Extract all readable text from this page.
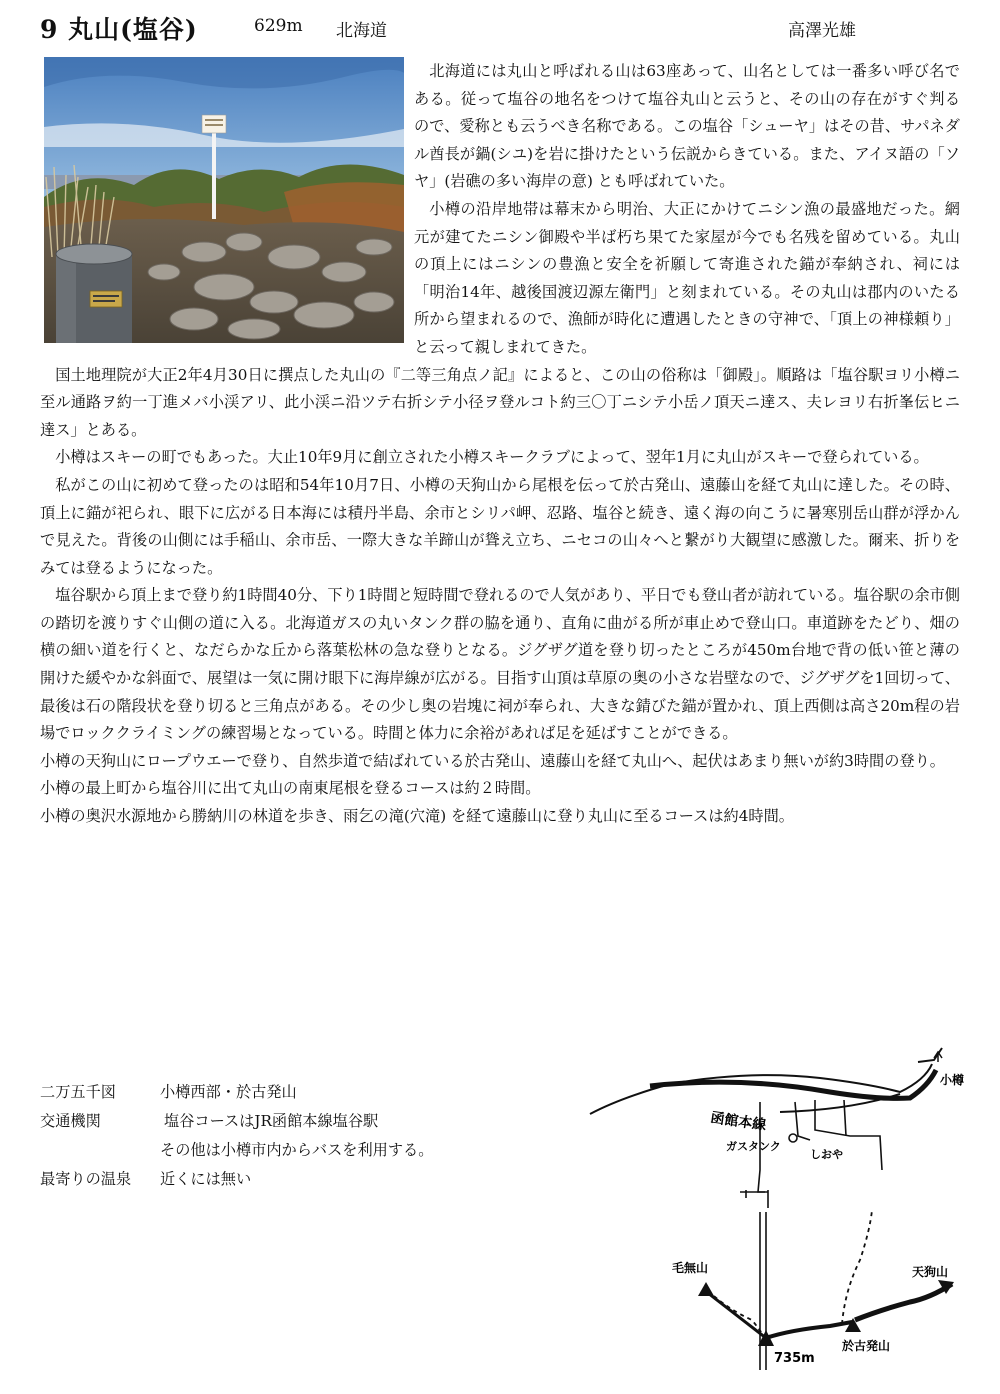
9 丸山(塩谷)	629m 北海道	高澤光雄

北海道には丸山と呼ばれる山は63座あって、山名としては一番多い呼び名である。従って塩谷の地名をつけて塩谷丸山と云うと、その山の存在がすぐ判るので、愛称とも云うべき名称である。この塩谷「シューヤ」はその昔、サパネダル酋長が鍋(シユ)を岩に掛けたという伝説からきている。また、アイヌ語の「ソヤ」(岩礁の多い海岸の意) とも呼ばれていた。

小樽の沿岸地帯は幕末から明治、大正にかけてニシン漁の最盛地だった。網元が建てたニシン御殿や半ば朽ち果てた家屋が今でも名残を留めている。丸山の頂上にはニシンの豊漁と安全を祈願して寄進された錨が奉納され、祠には「明治14年、越後国渡辺源左衛門」と刻まれている。その丸山は郡内のいたる所から望まれるので、漁師が時化に遭遇したときの守神で、「頂上の神様頼り」と云って親しまれてきた。

国土地理院が大正2年4月30日に撰点した丸山の『二等三角点ノ記』によると、この山の俗称は「御殿」。順路は「塩谷駅ヨリ小樽ニ至ル通路ヲ約一丁進メバ小渓アリ、此小渓ニ沿ツテ右折シテ小径ヲ登ルコト約三〇丁ニシテ小岳ノ頂天ニ達ス、夫レヨリ右折峯伝ヒニ達ス」とある。

小樽はスキーの町でもあった。大止10年9月に創立された小樽スキークラブによって、翌年1月に丸山がスキーで登られている。

私がこの山に初めて登ったのは昭和54年10月7日、小樽の天狗山から尾根を伝って於古発山、遠藤山を経て丸山に達した。その時、頂上に錨が祀られ、眼下に広がる日本海には積丹半島、余市とシリパ岬、忍路、塩谷と続き、遠く海の向こうに暑寒別岳山群が浮かんで見えた。背後の山側には手稲山、余市岳、一際大きな羊蹄山が聳え立ち、ニセコの山々へと繋がり大観望に感激した。爾来、折りをみては登るようになった。

塩谷駅から頂上まで登り約1時間40分、下り1時間と短時間で登れるので人気があり、平日でも登山者が訪れている。塩谷駅の余市側の踏切を渡りすぐ山側の道に入る。北海道ガスの丸いタンク群の脇を通り、直角に曲がる所が車止めで登山口。車道跡をたどり、畑の横の細い道を行くと、なだらかな丘から落葉松林の急な登りとなる。ジグザグ道を登り切ったところが450m台地で背の低い笹と薄の開けた緩やかな斜面で、展望は一気に開け眼下に海岸線が広がる。目指す山頂は草原の奥の小さな岩壁なので、ジグザグを1回切って、最後は石の階段状を登り切ると三角点がある。その少し奥の岩塊に祠が奉られ、大きな錆びた錨が置かれ、頂上西側は高さ20m程の岩場でロッククライミングの練習場となっている。時間と体力に余裕があれば足を延ばすことができる。

小樽の天狗山にロープウエーで登り、自然歩道で結ばれている於古発山、遠藤山を経て丸山へ、起伏はあまり無いが約3時間の登り。

小樽の最上町から塩谷川に出て丸山の南東尾根を登るコースは約２時間。

小樽の奥沢水源地から勝納川の林道を歩き、雨乞の滝(穴滝) を経て遠藤山に登り丸山に至るコースは約4時間。

二万五千図	小樽西部・於古発山
交通機関	塩谷コースはJR函館本線塩谷駅
その他は小樽市内からバスを利用する。
最寄りの温泉 近くには無い
函館本線
小樽
ガスタンク
しおや
毛無山	天狗山
於古発山
735m
